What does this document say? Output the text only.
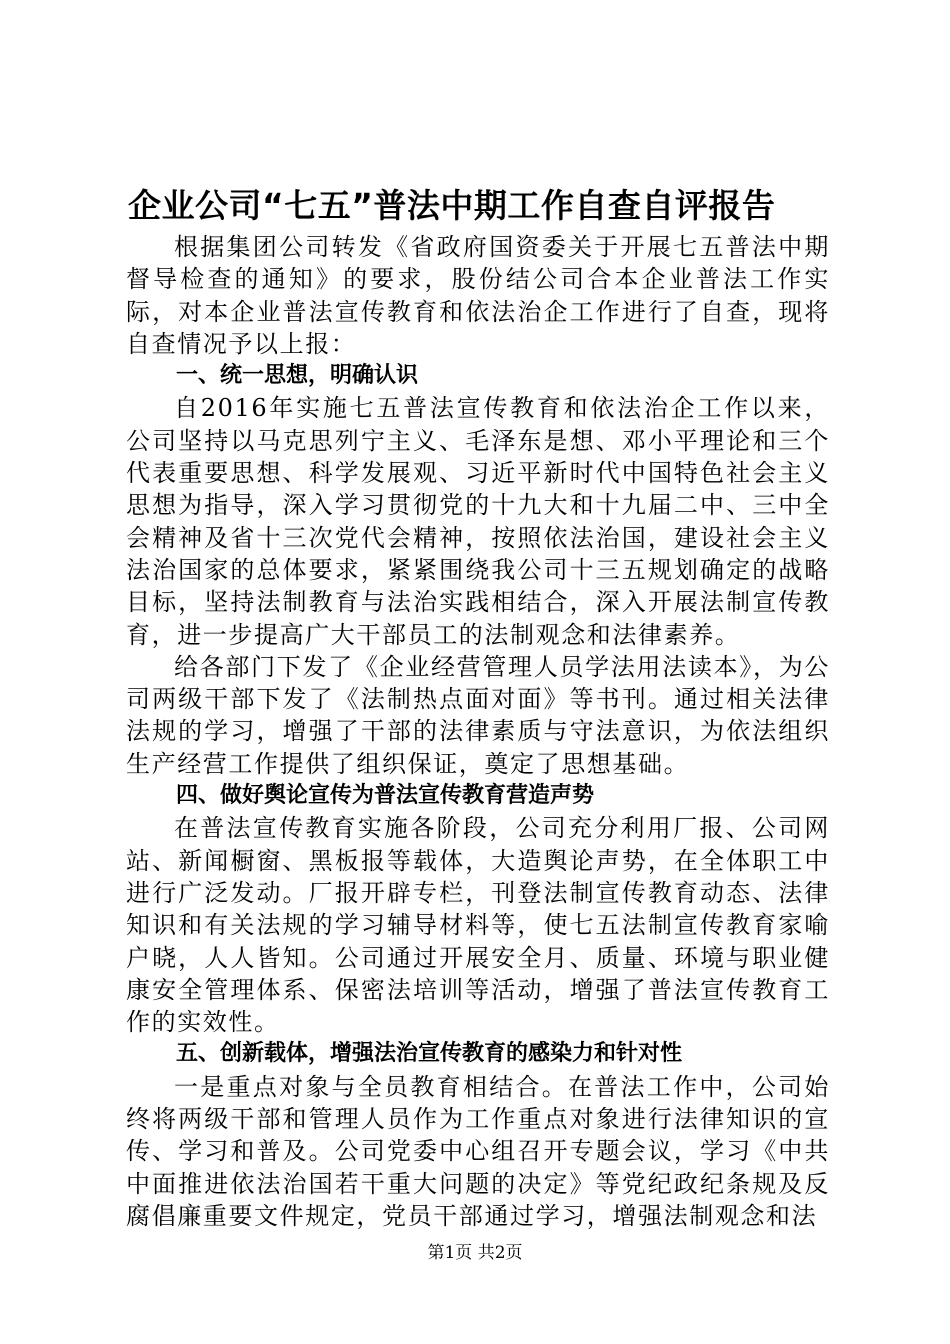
企业公司“七五”普法中期工作自查自评报告

根据集团公司转发《省政府国资委关于开展七五普法中期督导检查的通知》的要求，股份结公司合本企业普法工作实际，对本企业普法宣传教育和依法治企工作进行了自查，现将自查情况予以上报：

一、统一思想，明确认识

自2016年实施七五普法宣传教育和依法治企工作以来，公司坚持以马克思列宁主义、毛泽东是想、邓小平理论和三个代表重要思想、科学发展观、习近平新时代中国特色社会主义思想为指导，深入学习贯彻党的十九大和十九届二中、三中全会精神及省十三次党代会精神，按照依法治国，建设社会主义法治国家的总体要求，紧紧围绕我公司十三五规划确定的战略目标，坚持法制教育与法治实践相结合，深入开展法制宣传教育，进一步提高广大干部员工的法制观念和法律素养。

给各部门下发了《企业经营管理人员学法用法读本》，为公司两级干部下发了《法制热点面对面》等书刊。通过相关法律法规的学习，增强了干部的法律素质与守法意识，为依法组织生产经营工作提供了组织保证，奠定了思想基础。

四、做好舆论宣传为普法宣传教育营造声势

在普法宣传教育实施各阶段，公司充分利用厂报、公司网站、新闻橱窗、黑板报等载体，大造舆论声势，在全体职工中进行广泛发动。厂报开辟专栏，刊登法制宣传教育动态、法律知识和有关法规的学习辅导材料等，使七五法制宣传教育家喻户晓，人人皆知。公司通过开展安全月、质量、环境与职业健康安全管理体系、保密法培训等活动，增强了普法宣传教育工作的实效性。

五、创新载体，增强法治宣传教育的感染力和针对性

一是重点对象与全员教育相结合。在普法工作中，公司始终将两级干部和管理人员作为工作重点对象进行法律知识的宣传、学习和普及。公司党委中心组召开专题会议，学习《中共中面推进依法治国若干重大问题的决定》等党纪政纪条规及反腐倡廉重要文件规定，党员干部通过学习，增强法制观念和法

第1页 共2页
